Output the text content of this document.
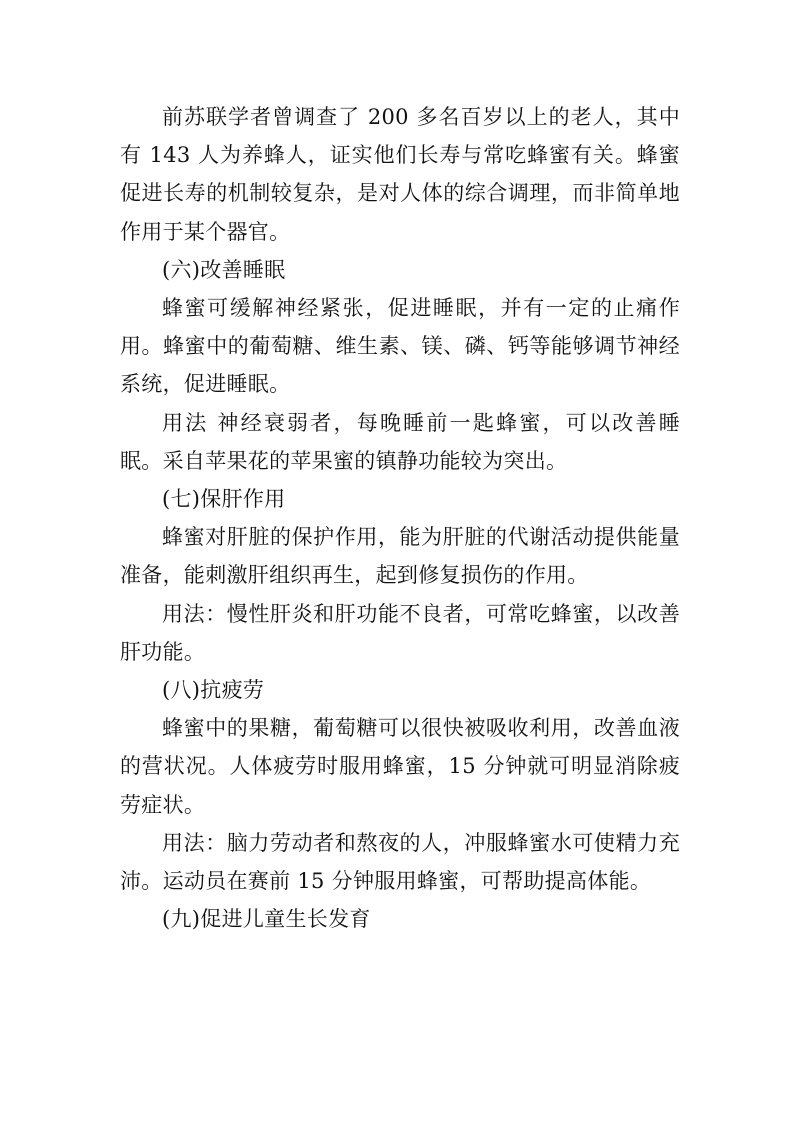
前苏联学者曾调查了 200 多名百岁以上的老人，其中有 143 人为养蜂人，证实他们长寿与常吃蜂蜜有关。蜂蜜促进长寿的机制较复杂，是对人体的综合调理，而非简单地作用于某个器官。

(六)改善睡眠

蜂蜜可缓解神经紧张，促进睡眠，并有一定的止痛作用。蜂蜜中的葡萄糖、维生素、镁、磷、钙等能够调节神经系统，促进睡眠。

用法 神经衰弱者，每晚睡前一匙蜂蜜，可以改善睡眠。采自苹果花的苹果蜜的镇静功能较为突出。

(七)保肝作用

蜂蜜对肝脏的保护作用，能为肝脏的代谢活动提供能量准备，能刺激肝组织再生，起到修复损伤的作用。

用法：慢性肝炎和肝功能不良者，可常吃蜂蜜，以改善肝功能。

(八)抗疲劳

蜂蜜中的果糖，葡萄糖可以很快被吸收利用，改善血液的营状况。人体疲劳时服用蜂蜜，15 分钟就可明显消除疲劳症状。

用法：脑力劳动者和熬夜的人，冲服蜂蜜水可使精力充沛。运动员在赛前 15 分钟服用蜂蜜，可帮助提高体能。

(九)促进儿童生长发育
